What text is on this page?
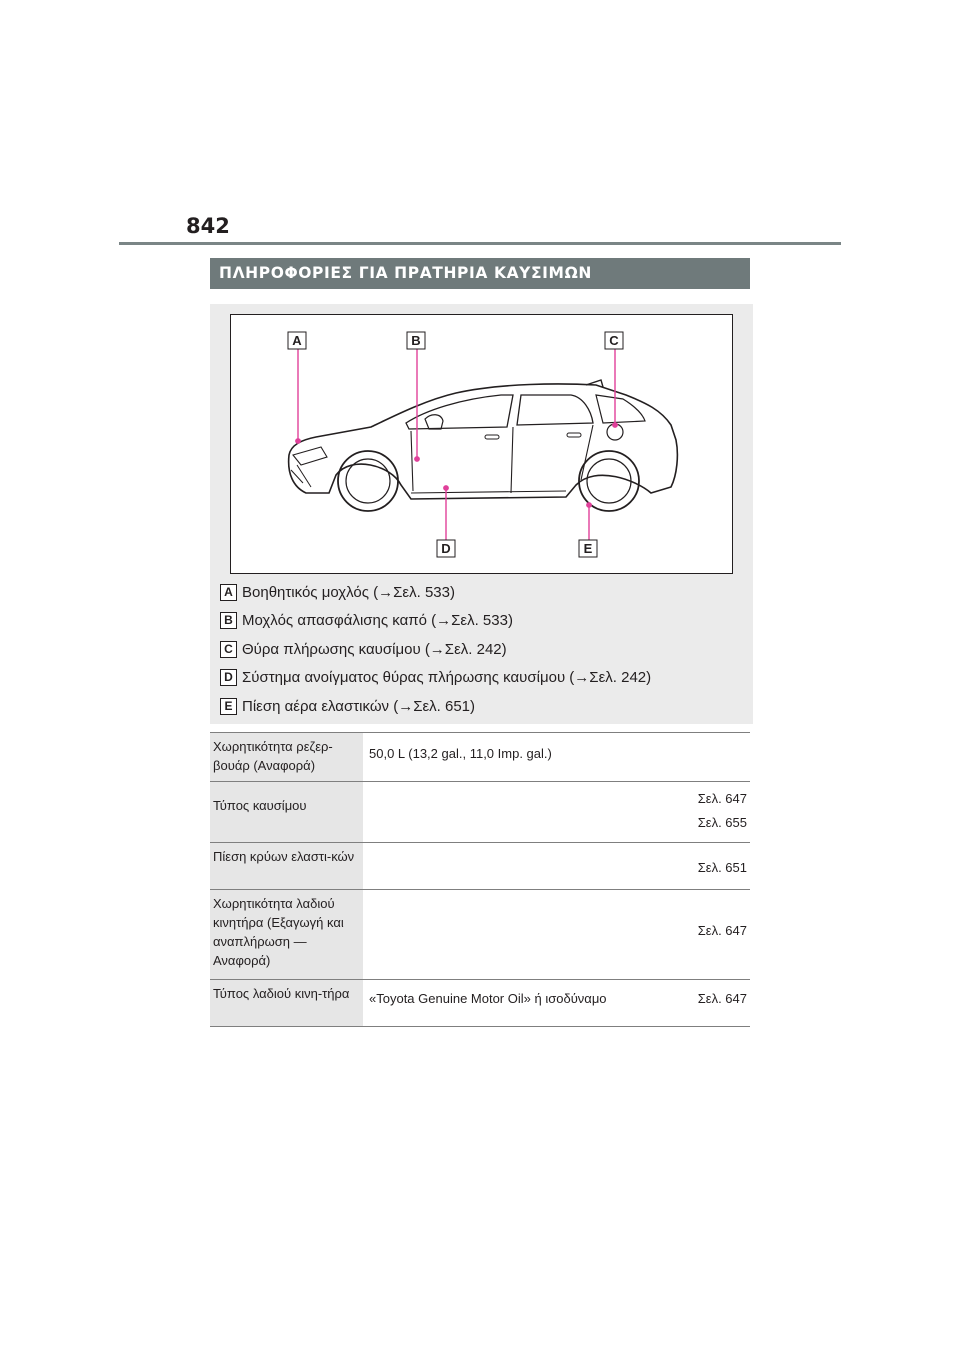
842
ΠΛΗΡΟΦΟΡΙΕΣ ΓΙΑ ΠΡΑΤΗΡΙΑ ΚΑΥΣΙΜΩΝ
A	B	C
D	E
A Βοηθητικός μοχλός (→Σελ. 533)
B Μοχλός απασφάλισης καπό (→Σελ. 533)
C Θύρα πλήρωσης καυσίμου (→Σελ. 242)
D Σύστημα ανοίγματος θύρας πλήρωσης καυσίμου (→Σελ. 242)
E Πίεση αέρα ελαστικών (→Σελ. 651)
Χωρητικότητα ρεζερ-βουάρ (Αναφορά)	50,0 L (13,2 gal., 11,0 Imp. gal.)	
Τύπος καυσίμου		Σελ. 647
Σελ. 655

Πίεση κρύων ελαστι-κών		Σελ. 651

Χωρητικότητα λαδιού κινητήρα (Εξαγωγή και αναπλήρωση — Αναφορά)		Σελ. 647

Τύπος λαδιού κινη-τήρα	«Toyota Genuine Motor Oil» ή ισοδύναμο	Σελ. 647
